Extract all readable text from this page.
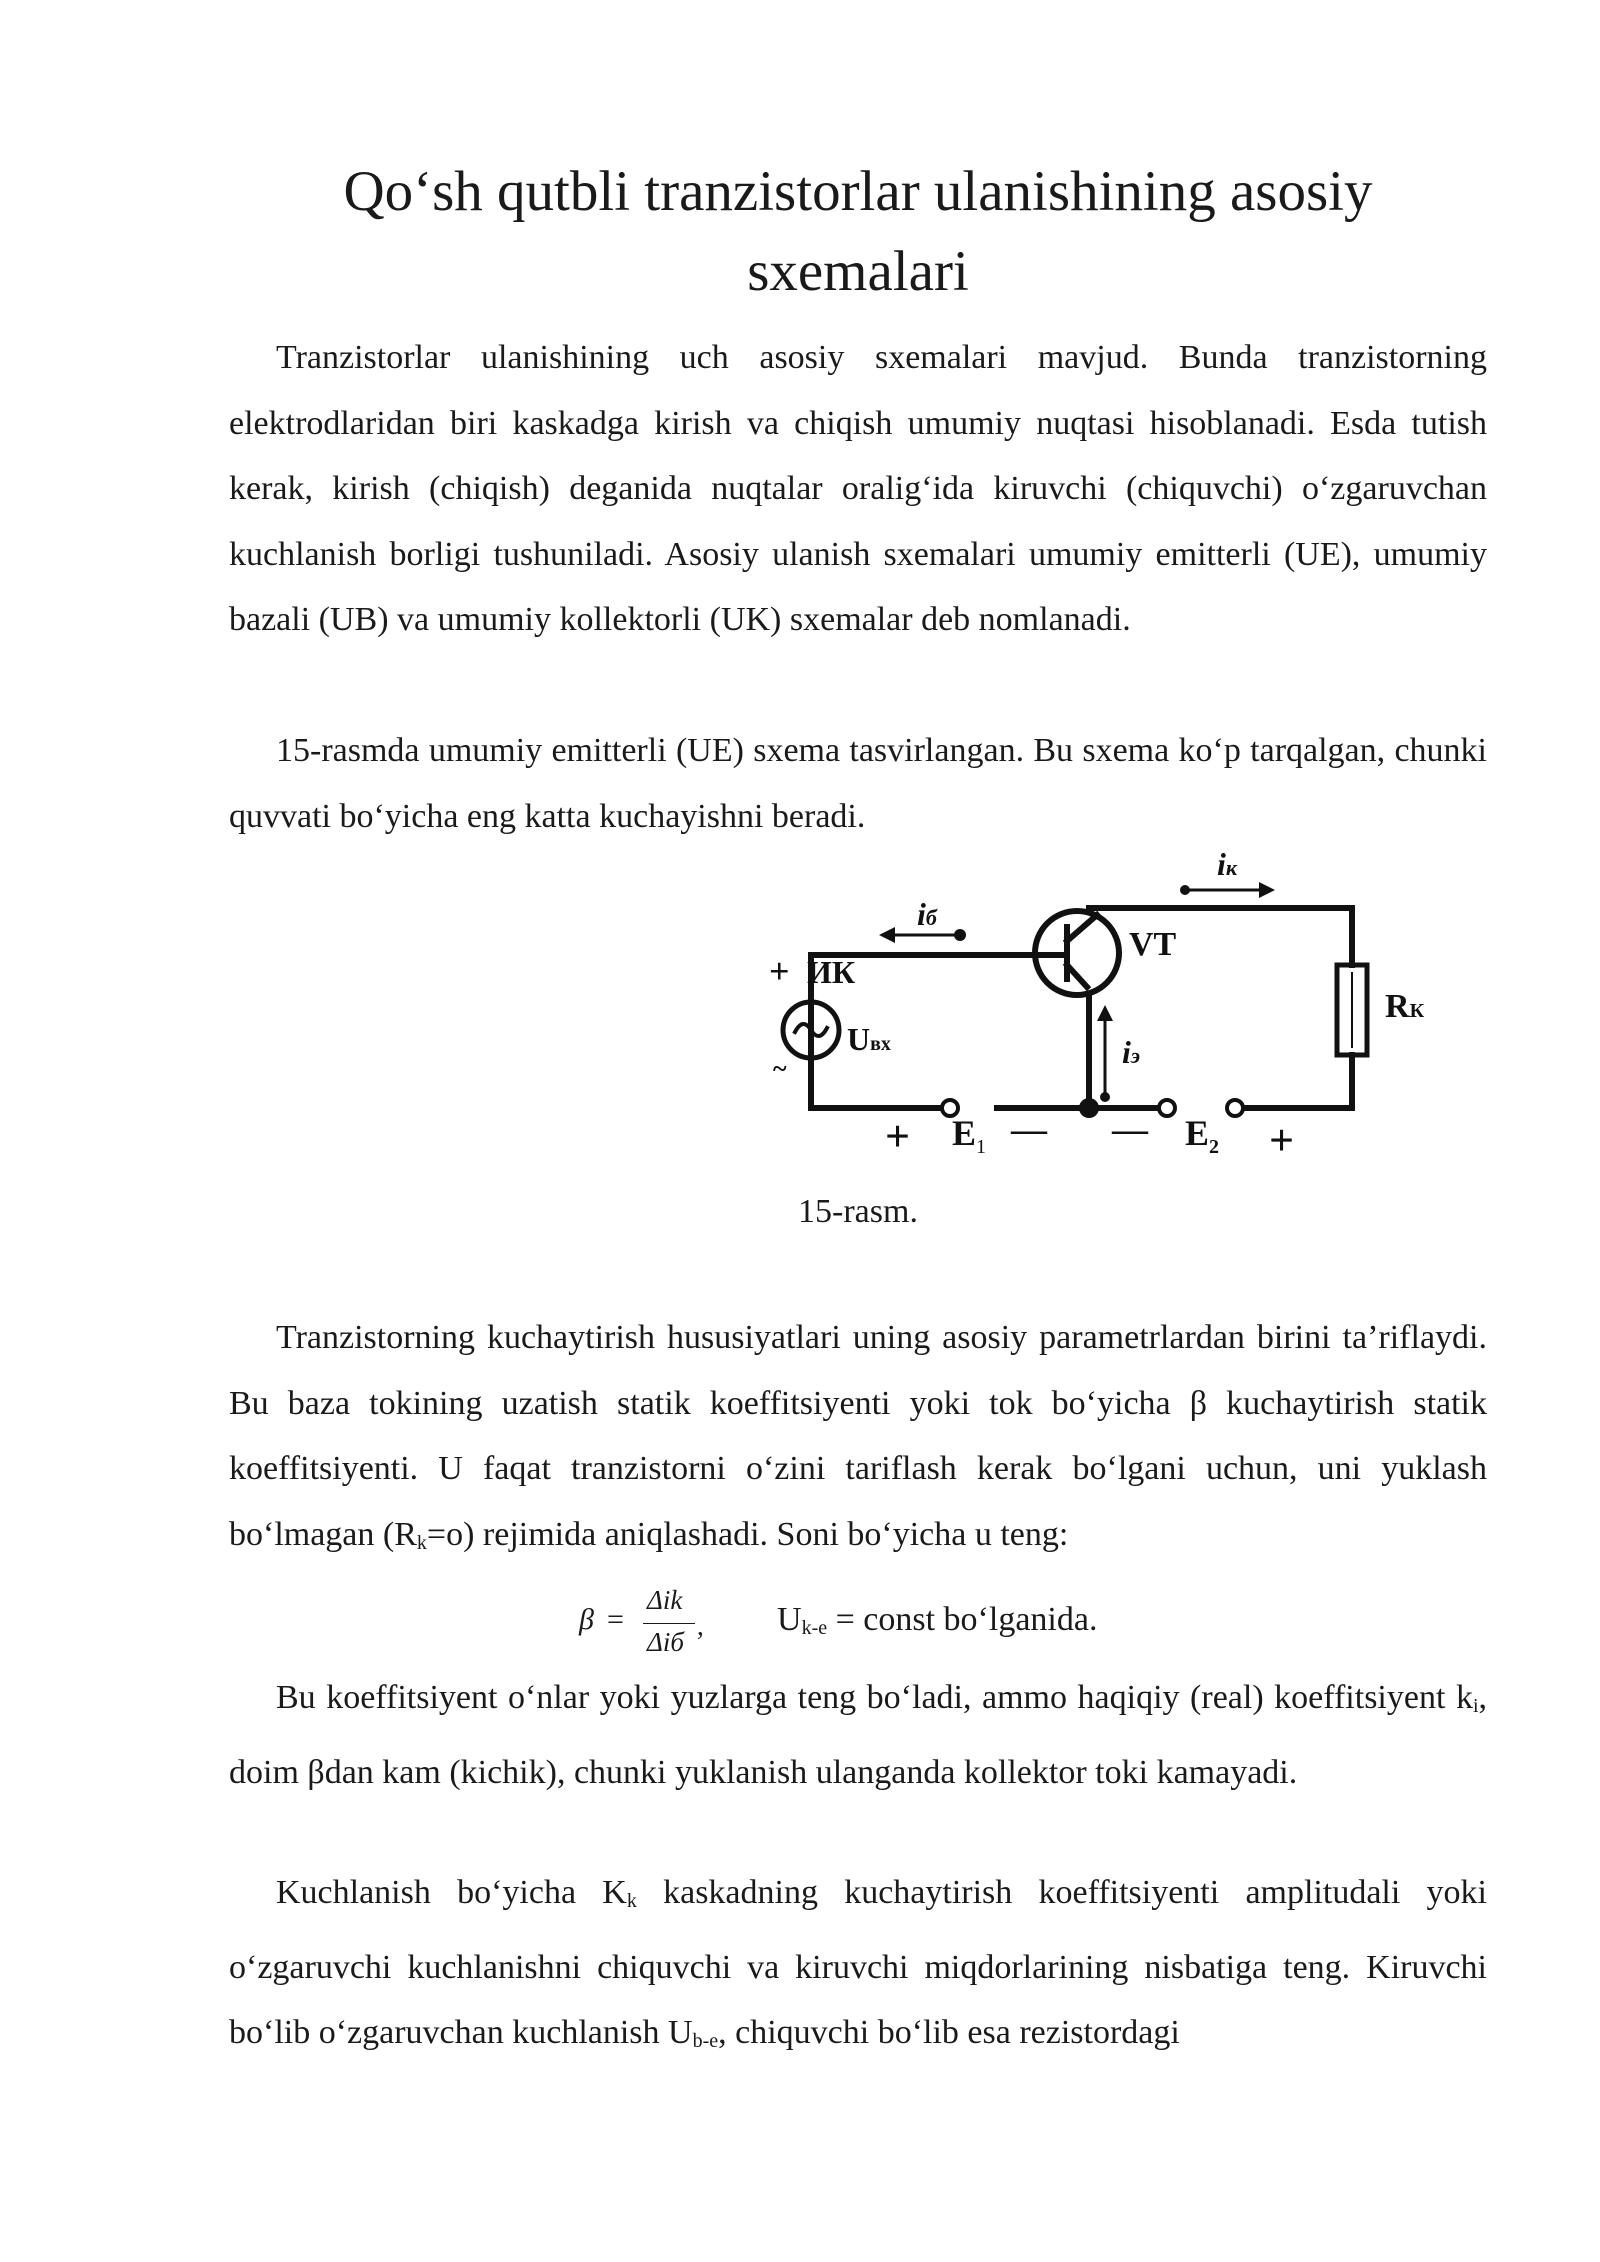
Qo‘sh qutbli tranzistorlar ulanishining asosiy
sxemalari

Tranzistorlar ulanishining uch asosiy sxemalari mavjud. Bunda tranzistorning elektrodlaridan biri kaskadga kirish va chiqish umumiy nuqtasi hisoblanadi. Esda tutish kerak, kirish (chiqish) deganida nuqtalar oralig‘ida kiruvchi (chiquvchi) o‘zgaruvchan kuchlanish borligi tushuniladi. Asosiy ulanish sxemalari umumiy emitterli (UE), umumiy bazali (UB) va umumiy kollektorli (UK) sxemalar deb nomlanadi.

15-rasmda umumiy emitterli (UE) sxema tasvirlangan. Bu sxema ko‘p tarqalgan, chunki quvvati bo‘yicha eng katta kuchayishni beradi.

iб
iк
iэ
VT
RК
+ ИК
~
Uвх
+ $E_1$ — — $E_2$ +
15-rasm.

Tranzistorning kuchaytirish hususiyatlari uning asosiy parametrlardan birini ta’riflaydi. Bu baza tokining uzatish statik koeffitsiyenti yoki tok bo‘yicha β kuchaytirish statik koeffitsiyenti. U faqat tranzistorni o‘zini tariflash kerak bo‘lgani uchun, uni yuklash bo‘lmagan $(R_k=o)$ rejimida aniqlashadi. Soni bo‘yicha u teng:

β =
Δik
Δiб
, $U_{k-e}$ = const bo‘lganida.

Bu koeffitsiyent o‘nlar yoki yuzlarga teng bo‘ladi, ammo haqiqiy (real) koeffitsiyent $k_i$, doim βdan kam (kichik), chunki yuklanish ulanganda kollektor toki kamayadi.

Kuchlanish bo‘yicha $K_k$ kaskadning kuchaytirish koeffitsiyenti amplitudali yoki o‘zgaruvchi kuchlanishni chiquvchi va kiruvchi miqdorlarining nisbatiga teng. Kiruvchi bo‘lib o‘zgaruvchan kuchlanish $U_{b-e}$, chiquvchi bo‘lib esa rezistordagi
